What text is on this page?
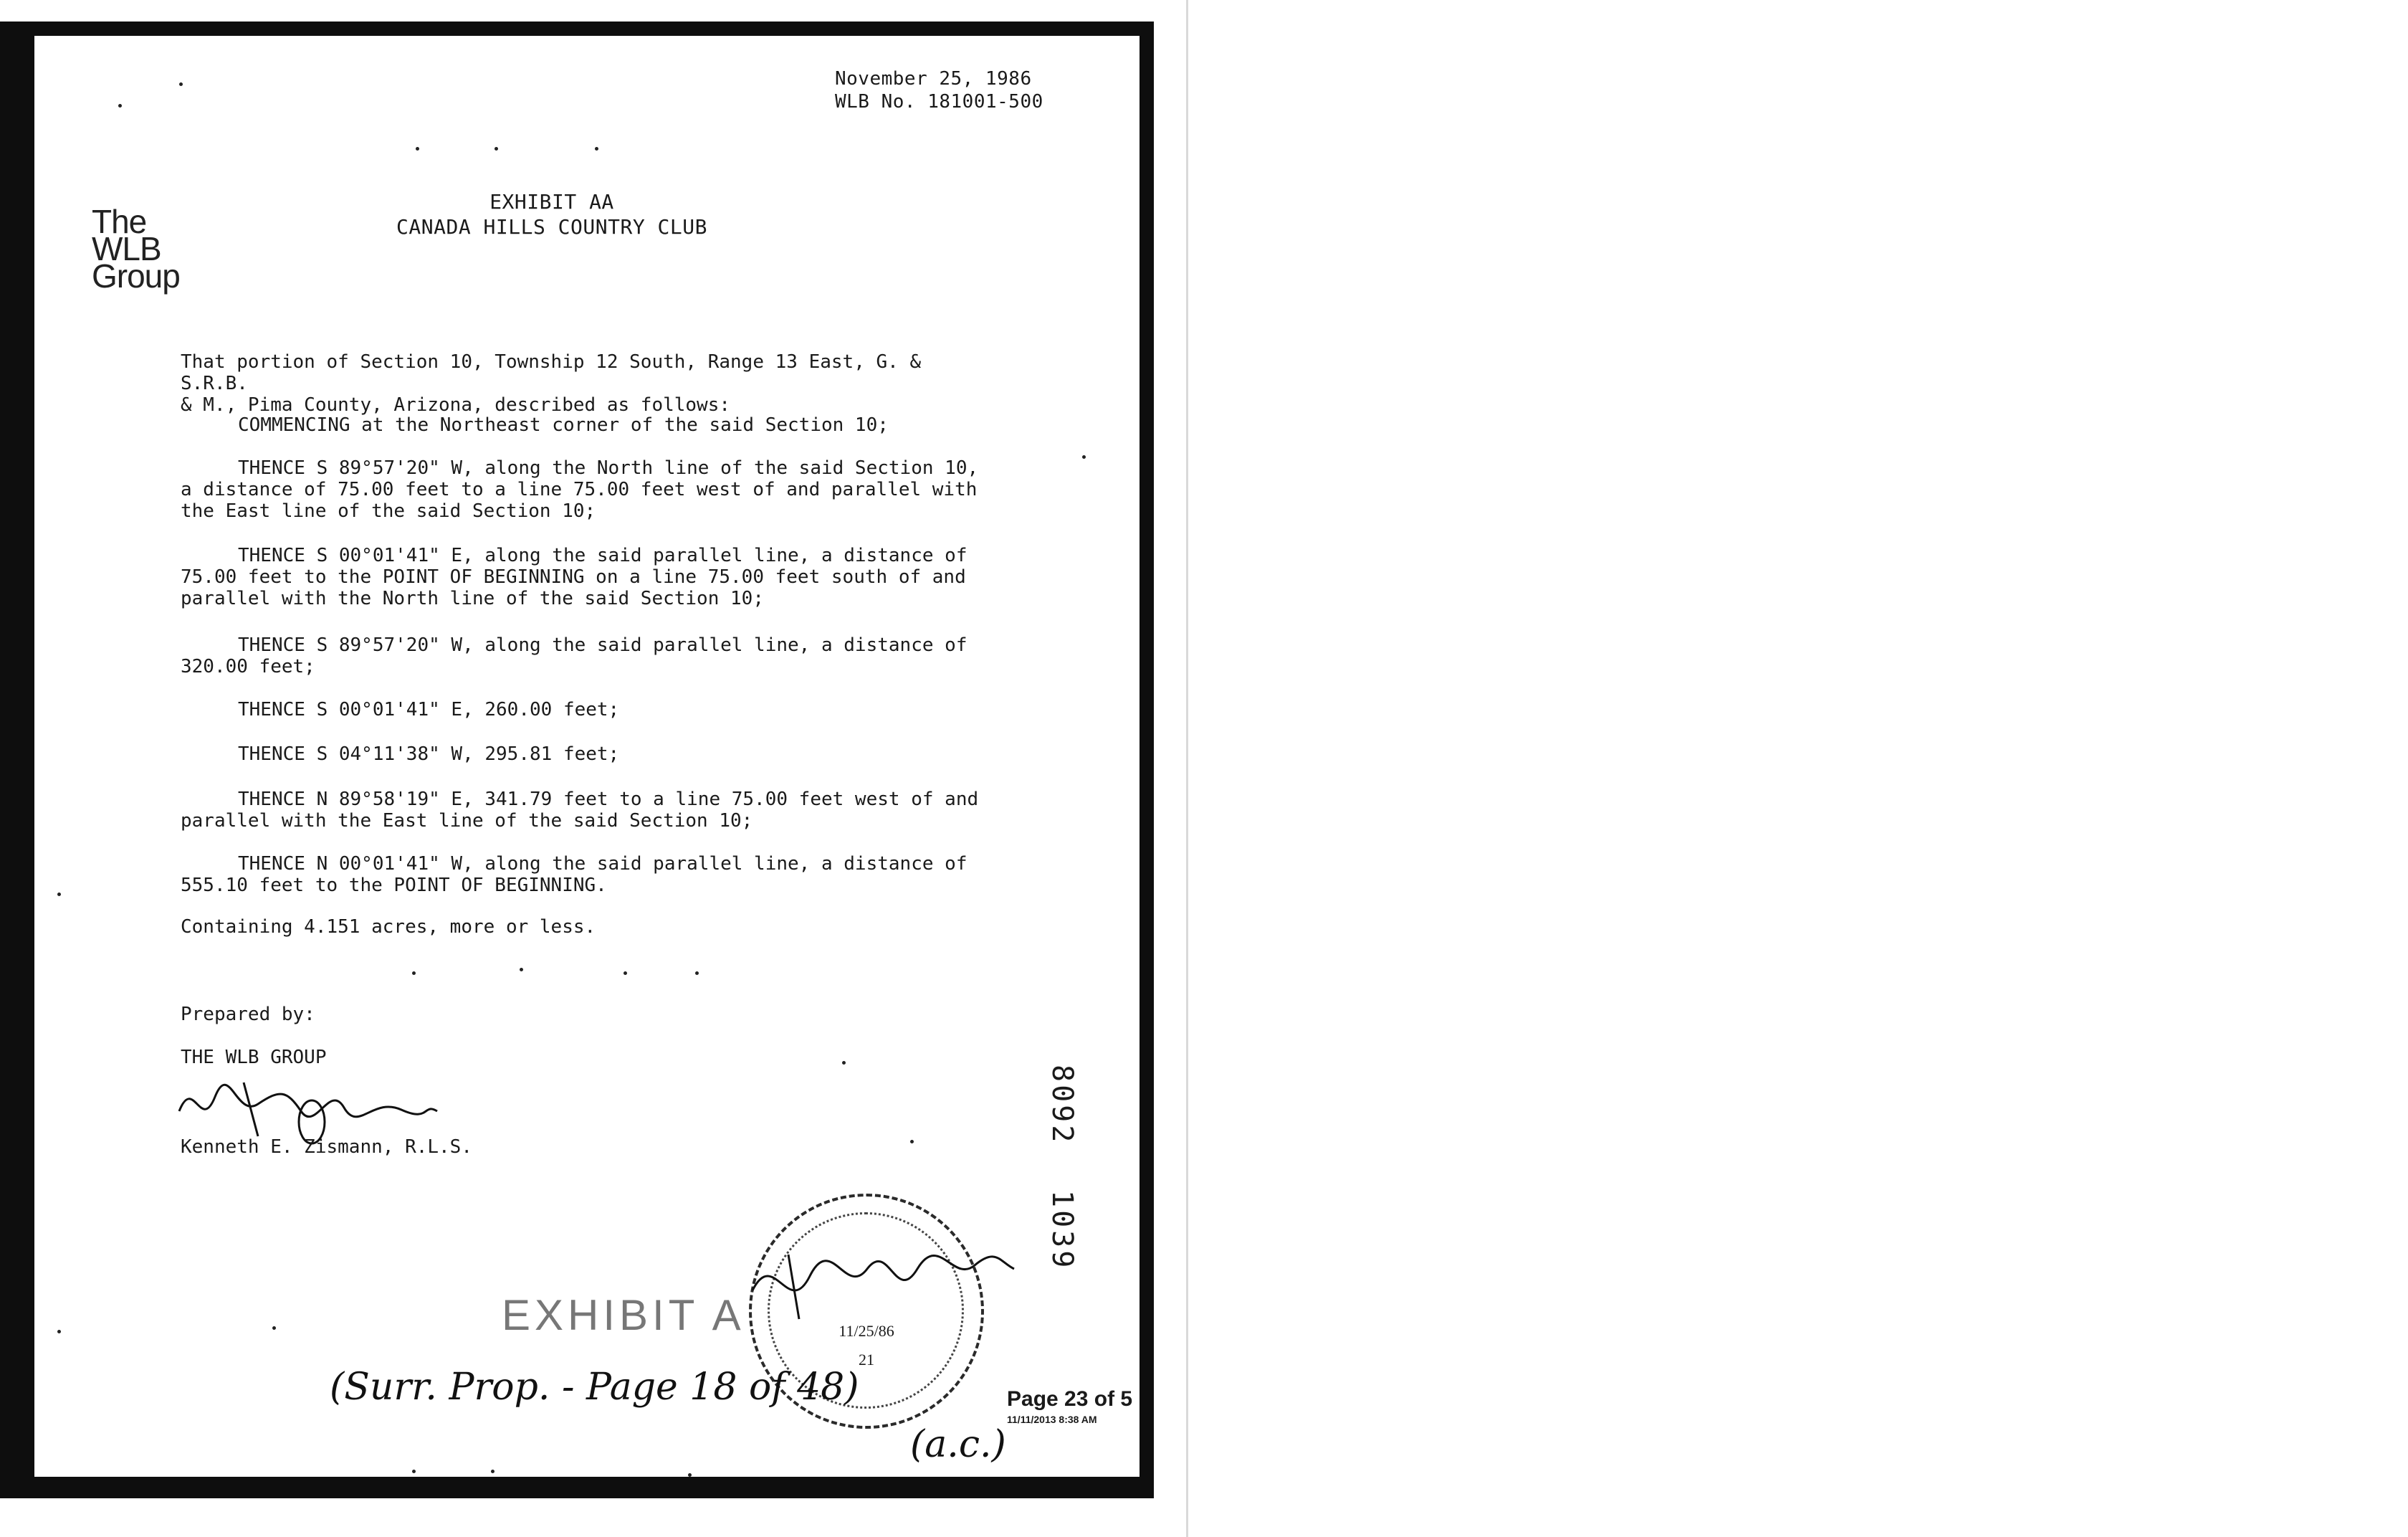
November 25, 1986
WLB No. 181001-500
The
WLB
Group
EXHIBIT AA
CANADA HILLS COUNTRY CLUB
That portion of Section 10, Township 12 South, Range 13 East, G. & S.R.B.
& M., Pima County, Arizona, described as follows:
COMMENCING at the Northeast corner of the said Section 10;
THENCE S 89°57'20" W, along the North line of the said Section 10,
a distance of 75.00 feet to a line 75.00 feet west of and parallel with
the East line of the said Section 10;
THENCE S 00°01'41" E, along the said parallel line, a distance of
75.00 feet to the POINT OF BEGINNING on a line 75.00 feet south of and
parallel with the North line of the said Section 10;
THENCE S 89°57'20" W, along the said parallel line, a distance of
320.00 feet;
THENCE S 00°01'41" E, 260.00 feet;
THENCE S 04°11'38" W, 295.81 feet;
THENCE N 89°58'19" E, 341.79 feet to a line 75.00 feet west of and
parallel with the East line of the said Section 10;
THENCE N 00°01'41" W, along the said parallel line, a distance of
555.10 feet to the POINT OF BEGINNING.
Containing 4.151 acres, more or less.
Prepared by:
THE WLB GROUP
Kenneth E. Zismann, R.L.S.
11/25/86
21
EXHIBIT A
8092
1039
(Surr. Prop. - Page 18 of 48)
(a.c.)
Page 23 of 5
11/11/2013 8:38 AM
